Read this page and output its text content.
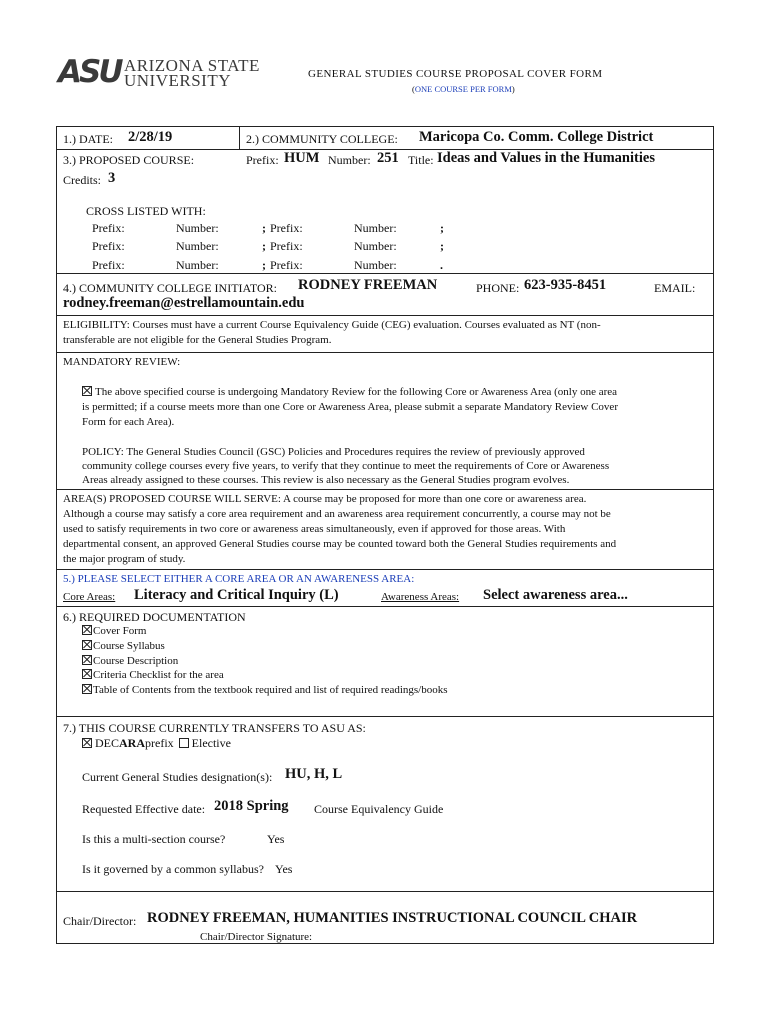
ASU ARIZONA STATE
UNIVERSITY	GENERAL STUDIES COURSE PROPOSAL COVER FORM
(ONE COURSE PER FORM)
1.) DATE: 2/28/19	2.) COMMUNITY COLLEGE: Maricopa Co. Comm. College District
3.) PROPOSED COURSE:	Prefix: HUM Number: 251 Title: Ideas and Values in the Humanities
Credits: 3
CROSS LISTED WITH:
Prefix:	Number:	; Prefix:	Number:	;
Prefix:	Number:	; Prefix:	Number:	;
Prefix:	Number:	; Prefix:	Number:	.
4.) COMMUNITY COLLEGE INITIATOR: RODNEY FREEMAN	PHONE: 623-935-8451	EMAIL:
rodney.freeman@estrellamountain.edu
ELIGIBILITY: Courses must have a current Course Equivalency Guide (CEG) evaluation. Courses evaluated as NT (non-
transferable are not eligible for the General Studies Program.
MANDATORY REVIEW:
The above specified course is undergoing Mandatory Review for the following Core or Awareness Area (only one area
is permitted; if a course meets more than one Core or Awareness Area, please submit a separate Mandatory Review Cover
Form for each Area).
POLICY: The General Studies Council (GSC) Policies and Procedures requires the review of previously approved
community college courses every five years, to verify that they continue to meet the requirements of Core or Awareness
Areas already assigned to these courses. This review is also necessary as the General Studies program evolves.
AREA(S) PROPOSED COURSE WILL SERVE: A course may be proposed for more than one core or awareness area.
Although a course may satisfy a core area requirement and an awareness area requirement concurrently, a course may not be
used to satisfy requirements in two core or awareness areas simultaneously, even if approved for those areas. With
departmental consent, an approved General Studies course may be counted toward both the General Studies requirements and
the major program of study.
5.) PLEASE SELECT EITHER A CORE AREA OR AN AWARENESS AREA:
Core Areas: Literacy and Critical Inquiry (L)	Awareness Areas: Select awareness area...
6.) REQUIRED DOCUMENTATION
Cover Form
Course Syllabus
Course Description
Criteria Checklist for the area
Table of Contents from the textbook required and list of required readings/books
7.) THIS COURSE CURRENTLY TRANSFERS TO ASU AS:
DECARAprefix Elective
Current General Studies designation(s): HU, H, L
Requested Effective date: 2018 Spring Course Equivalency Guide
Is this a multi-section course?	Yes
Is it governed by a common syllabus? Yes
Chair/Director: RODNEY FREEMAN, HUMANITIES INSTRUCTIONAL COUNCIL CHAIR
Chair/Director Signature:
